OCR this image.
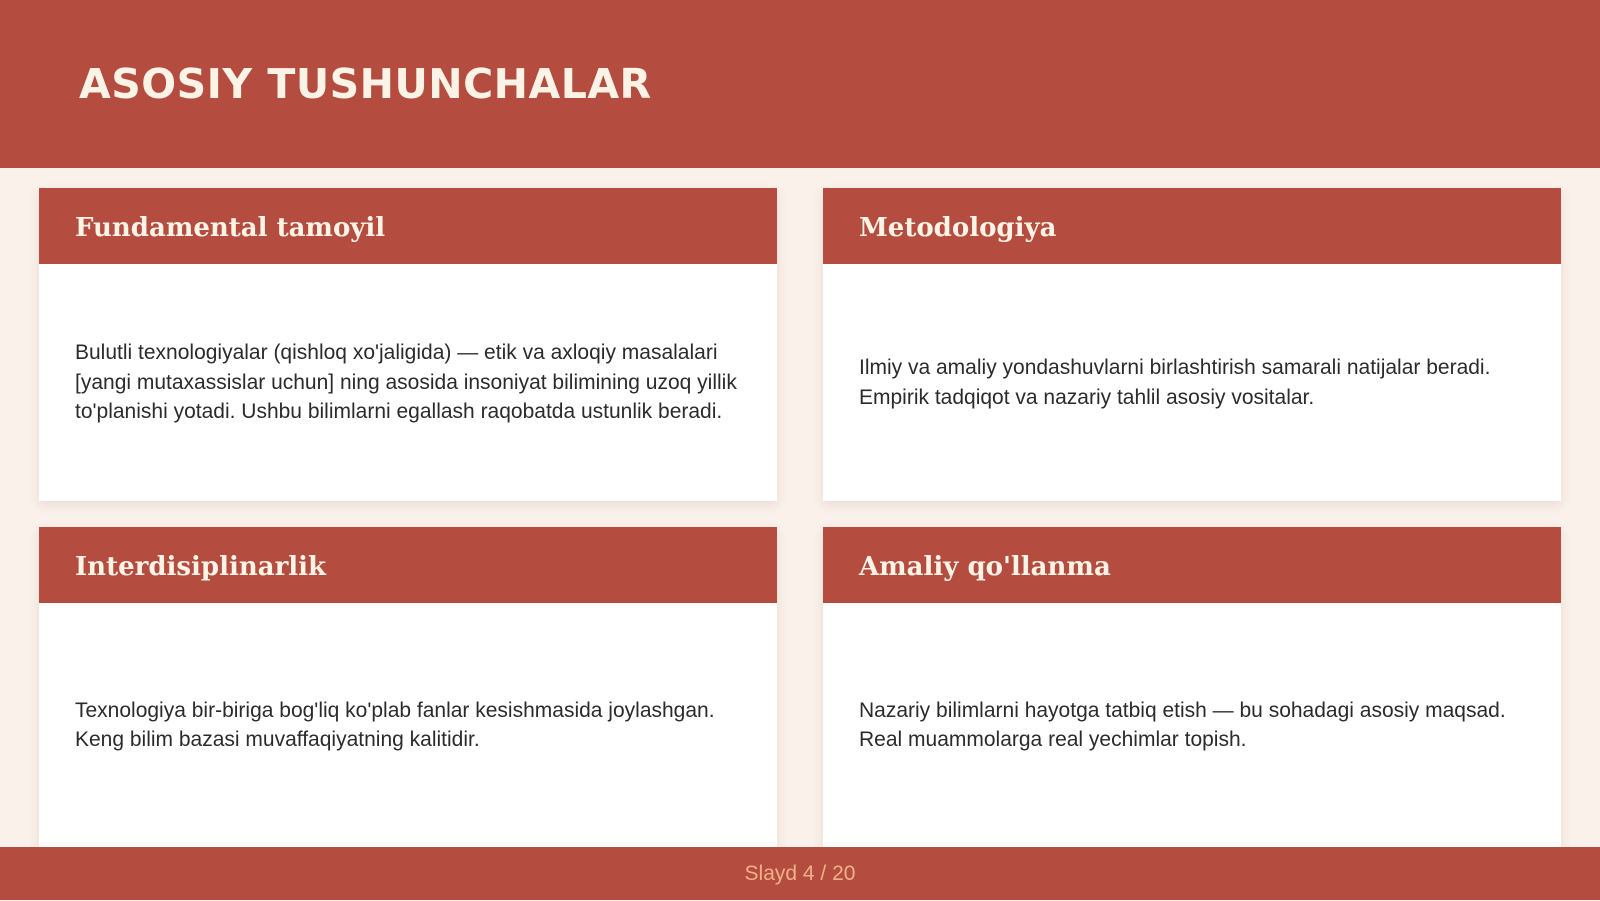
ASOSIY TUSHUNCHALAR
Fundamental tamoyil

Bulutli texnologiyalar (qishloq xo'jaligida) — etik va axloqiy masalalari [yangi mutaxassislar uchun] ning asosida insoniyat bilimining uzoq yillik to'planishi yotadi. Ushbu bilimlarni egallash raqobatda ustunlik beradi.

Metodologiya

Ilmiy va amaliy yondashuvlarni birlashtirish samarali natijalar beradi. Empirik tadqiqot va nazariy tahlil asosiy vositalar.

Interdisiplinarlik

Texnologiya bir-biriga bog'liq ko'plab fanlar kesishmasida joylashgan. Keng bilim bazasi muvaffaqiyatning kalitidir.

Amaliy qo'llanma

Nazariy bilimlarni hayotga tatbiq etish — bu sohadagi asosiy maqsad. Real muammolarga real yechimlar topish.

Slayd 4 / 20
